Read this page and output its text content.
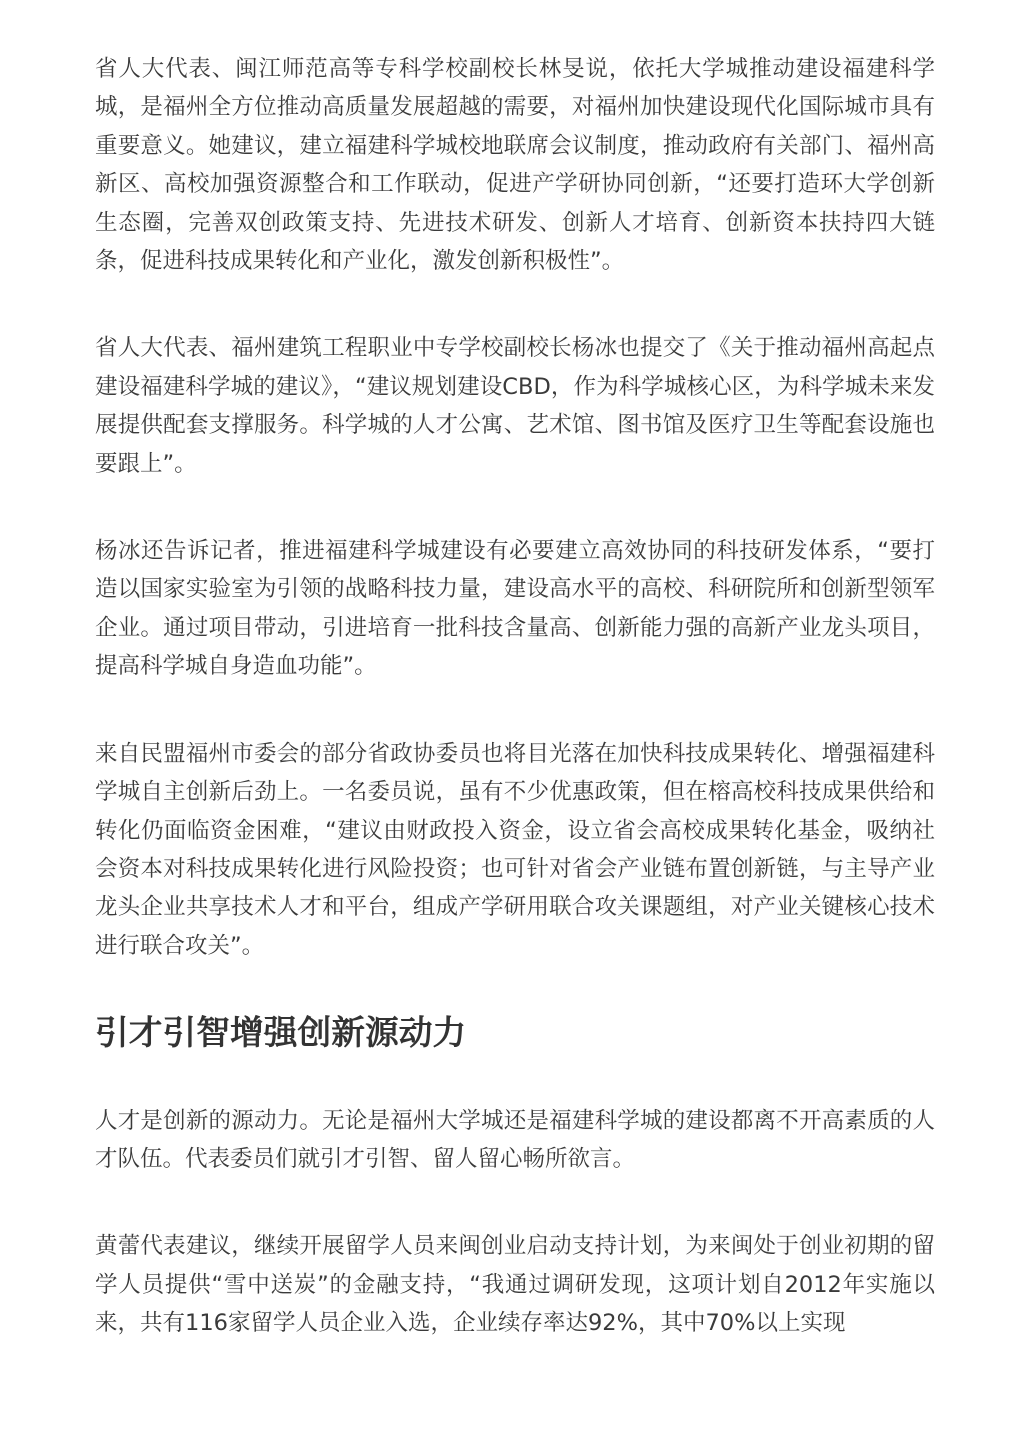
省人大代表、闽江师范高等专科学校副校长林旻说，依托大学城推动建设福建科学城，是福州全方位推动高质量发展超越的需要，对福州加快建设现代化国际城市具有重要意义。她建议，建立福建科学城校地联席会议制度，推动政府有关部门、福州高新区、高校加强资源整合和工作联动，促进产学研协同创新，“还要打造环大学创新生态圈，完善双创政策支持、先进技术研发、创新人才培育、创新资本扶持四大链条，促进科技成果转化和产业化，激发创新积极性”。

省人大代表、福州建筑工程职业中专学校副校长杨冰也提交了《关于推动福州高起点建设福建科学城的建议》，“建议规划建设CBD，作为科学城核心区，为科学城未来发展提供配套支撑服务。科学城的人才公寓、艺术馆、图书馆及医疗卫生等配套设施也要跟上”。

杨冰还告诉记者，推进福建科学城建设有必要建立高效协同的科技研发体系，“要打造以国家实验室为引领的战略科技力量，建设高水平的高校、科研院所和创新型领军企业。通过项目带动，引进培育一批科技含量高、创新能力强的高新产业龙头项目，提高科学城自身造血功能”。

来自民盟福州市委会的部分省政协委员也将目光落在加快科技成果转化、增强福建科学城自主创新后劲上。一名委员说，虽有不少优惠政策，但在榕高校科技成果供给和转化仍面临资金困难，“建议由财政投入资金，设立省会高校成果转化基金，吸纳社会资本对科技成果转化进行风险投资；也可针对省会产业链布置创新链，与主导产业龙头企业共享技术人才和平台，组成产学研用联合攻关课题组，对产业关键核心技术进行联合攻关”。

引才引智增强创新源动力

人才是创新的源动力。无论是福州大学城还是福建科学城的建设都离不开高素质的人才队伍。代表委员们就引才引智、留人留心畅所欲言。

黄蕾代表建议，继续开展留学人员来闽创业启动支持计划，为来闽处于创业初期的留学人员提供“雪中送炭”的金融支持，“我通过调研发现，这项计划自2012年实施以来，共有116家留学人员企业入选，企业续存率达92%，其中70%以上实现
